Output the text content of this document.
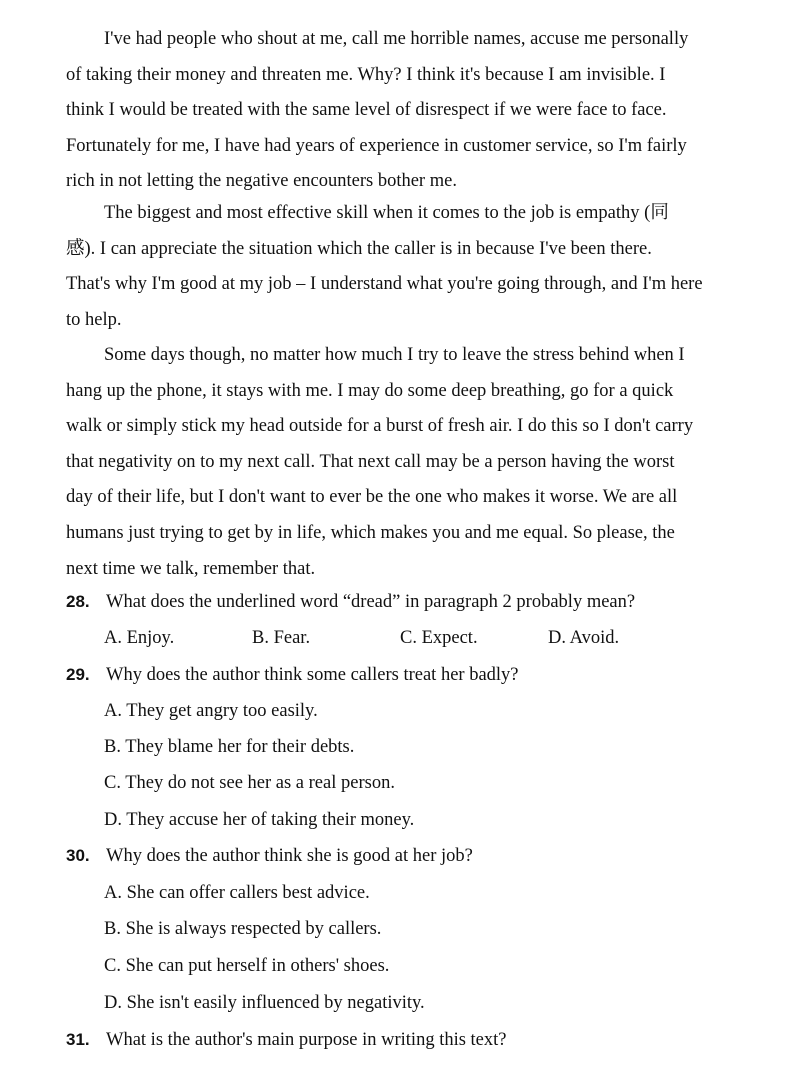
I've had people who shout at me, call me horrible names, accuse me personally
of taking their money and threaten me. Why? I think it's because I am invisible. I
think I would be treated with the same level of disrespect if we were face to face.
Fortunately for me, I have had years of experience in customer service, so I'm fairly
rich in not letting the negative encounters bother me.
The biggest and most effective skill when it comes to the job is empathy (同
感). I can appreciate the situation which the caller is in because I've been there.
That's why I'm good at my job – I understand what you're going through, and I'm here
to help.
Some days though, no matter how much I try to leave the stress behind when I
hang up the phone, it stays with me. I may do some deep breathing, go for a quick
walk or simply stick my head outside for a burst of fresh air. I do this so I don't carry
that negativity on to my next call. That next call may be a person having the worst
day of their life, but I don't want to ever be the one who makes it worse. We are all
humans just trying to get by in life, which makes you and me equal. So please, the
next time we talk, remember that.
28. What does the underlined word “dread” in paragraph 2 probably mean?
A. Enjoy.	B. Fear.	C. Expect.	D. Avoid.
29. Why does the author think some callers treat her badly?
A. They get angry too easily.
B. They blame her for their debts.
C. They do not see her as a real person.
D. They accuse her of taking their money.
30. Why does the author think she is good at her job?
A. She can offer callers best advice.
B. She is always respected by callers.
C. She can put herself in others' shoes.
D. She isn't easily influenced by negativity.
31. What is the author's main purpose in writing this text?
